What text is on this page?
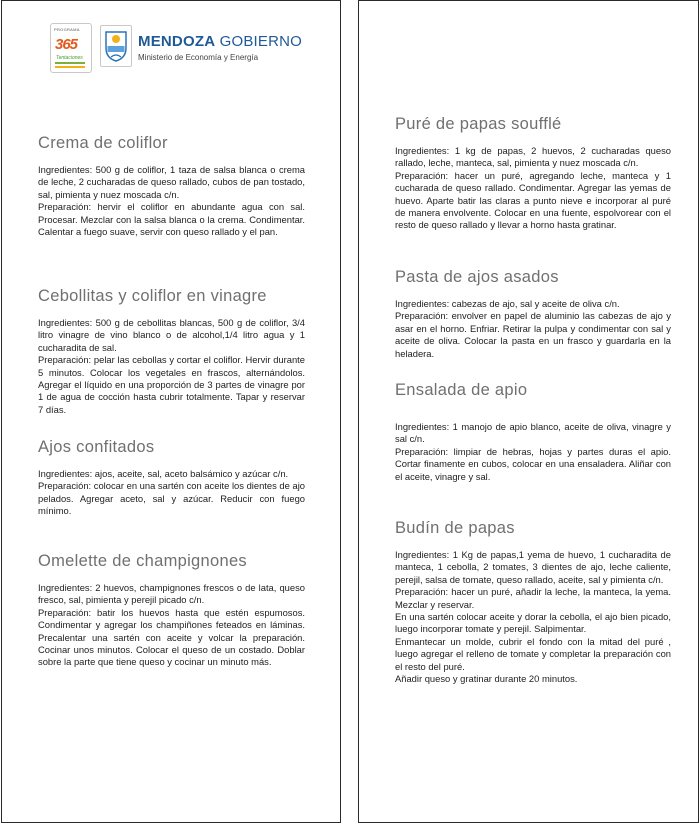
PROGRAMA
365
Tentaciones
MENDOZA GOBIERNO
Ministerio de Economía y Energía
Crema de coliflor

Ingredientes: 500 g de coliflor, 1 taza de salsa blanca o crema de leche, 2 cucharadas de queso rallado, cubos de pan tostado, sal, pimienta y nuez moscada c/n.

Preparación: hervir el coliflor en abundante agua con sal. Procesar. Mezclar con la salsa blanca o la crema. Condimentar. Calentar a fuego suave, servir con queso rallado y el pan.

Cebollitas y coliflor en vinagre

Ingredientes: 500 g de cebollitas blancas, 500 g de coliflor, 3/4 litro vinagre de vino blanco o de alcohol,1/4 litro agua y 1 cucharadita de sal.

Preparación: pelar las cebollas y cortar el coliflor. Hervir durante 5 minutos. Colocar los vegetales en frascos, alternándolos. Agregar el líquido en una proporción de 3 partes de vinagre por 1 de agua de cocción hasta cubrir totalmente. Tapar y reservar 7 días.

Ajos confitados

Ingredientes: ajos, aceite, sal, aceto balsámico y azúcar c/n.

Preparación: colocar en una sartén con aceite los dientes de ajo pelados. Agregar aceto, sal y azúcar. Reducir con fuego mínimo.

Omelette de champignones

Ingredientes: 2 huevos, champignones frescos o de lata, queso fresco, sal, pimienta y perejil picado c/n.

Preparación: batir los huevos hasta que estén espumosos. Condimentar y agregar los champiñones feteados en láminas. Precalentar una sartén con aceite y volcar la preparación. Cocinar unos minutos. Colocar el queso de un costado. Doblar sobre la parte que tiene queso y cocinar un minuto más.

Puré de papas soufflé

Ingredientes: 1 kg de papas, 2 huevos, 2 cucharadas queso rallado, leche, manteca, sal, pimienta y nuez moscada c/n.

Preparación: hacer un puré, agregando leche, manteca y 1 cucharada de queso rallado. Condimentar. Agregar las yemas de huevo. Aparte batir las claras a punto nieve e incorporar al puré de manera envolvente. Colocar en una fuente, espolvorear con el resto de queso rallado y llevar a horno hasta gratinar.

Pasta de ajos asados

Ingredientes: cabezas de ajo, sal y aceite de oliva c/n.

Preparación: envolver en papel de aluminio las cabezas de ajo y asar en el horno. Enfriar. Retirar la pulpa y condimentar con sal y aceite de oliva. Colocar la pasta en un frasco y guardarla en la heladera.

Ensalada de apio

Ingredientes: 1 manojo de apio blanco, aceite de oliva, vinagre y sal c/n.

Preparación: limpiar de hebras, hojas y partes duras el apio. Cortar finamente en cubos, colocar en una ensaladera. Aliñar con el aceite, vinagre y sal.

Budín de papas

Ingredientes: 1 Kg de papas,1 yema de huevo, 1 cucharadita de manteca, 1 cebolla, 2 tomates, 3 dientes de ajo, leche caliente, perejil, salsa de tomate, queso rallado, aceite, sal y pimienta c/n.

Preparación: hacer un puré, añadir la leche, la manteca, la yema. Mezclar y reservar.

En una sartén colocar aceite y dorar la cebolla, el ajo bien picado, luego incorporar tomate y perejil. Salpimentar.

Enmantecar un molde, cubrir el fondo con la mitad del puré , luego agregar el relleno de tomate y completar la preparación con el resto del puré.

Añadir queso y gratinar durante 20 minutos.
